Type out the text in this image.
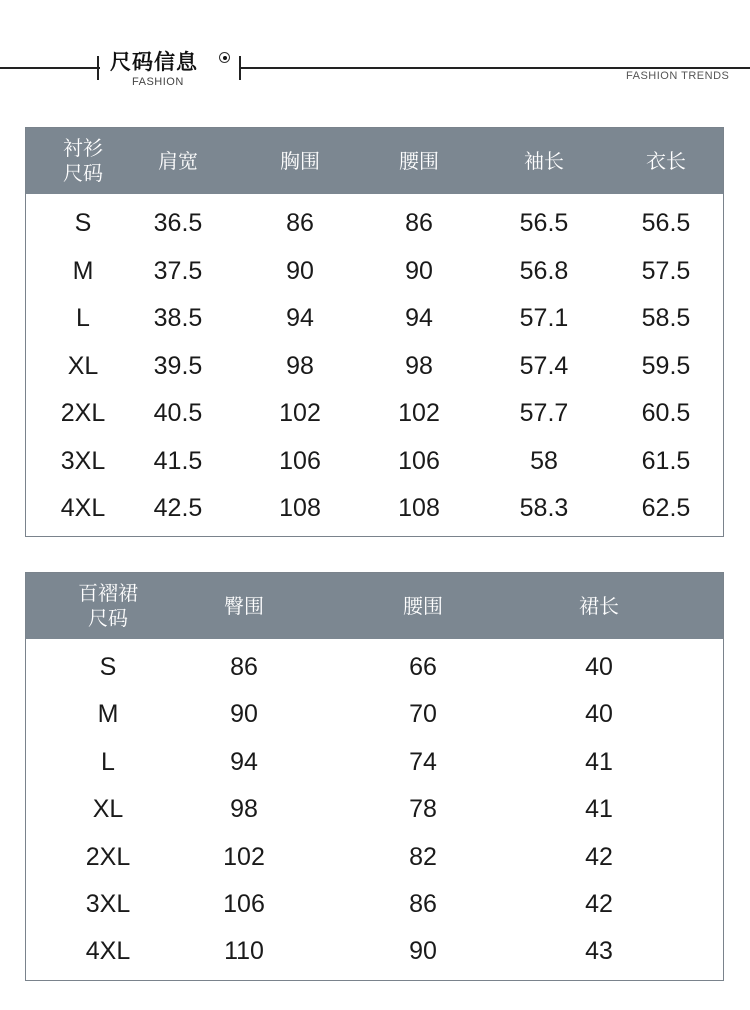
尺码信息
FASHION	FASHION TRENDS
衬衫
尺码
肩宽	胸围	腰围	袖长	衣长
S	36.5	86	86	56.5	56.5
M	37.5	90	90	56.8	57.5
L	38.5	94	94	57.1	58.5
XL	39.5	98	98	57.4	59.5
2XL	40.5	102	102	57.7	60.5
3XL	41.5	106	106	58	61.5
4XL	42.5	108	108	58.3	62.5
百褶裙
尺码
臀围	腰围	裙长
S	86	66	40
M	90	70	40
L	94	74	41
XL	98	78	41
2XL	102	82	42
3XL	106	86	42
4XL	110	90	43
